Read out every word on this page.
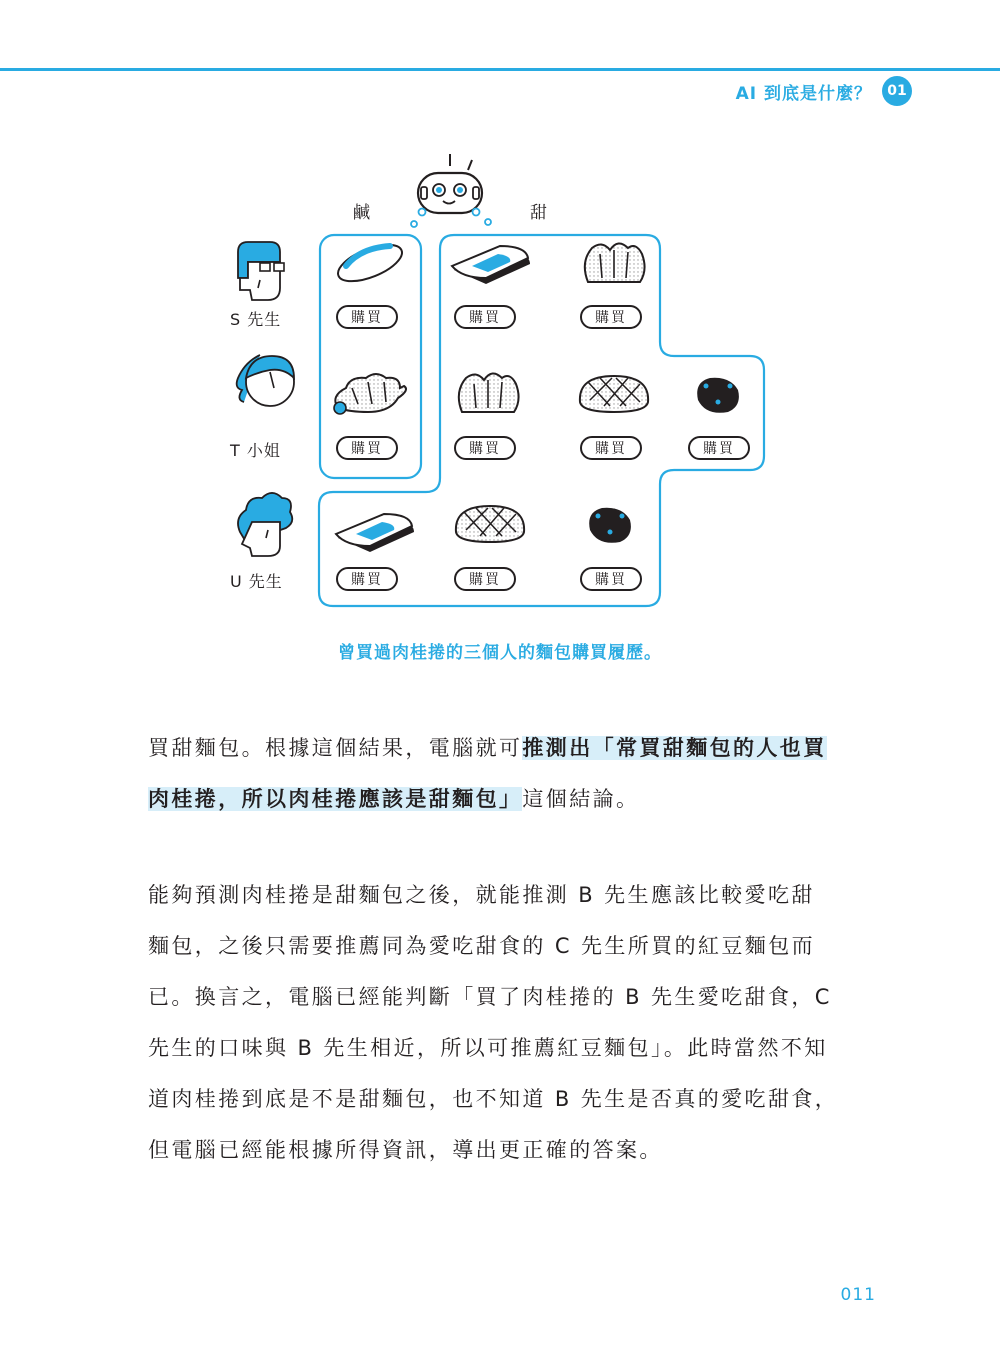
AI 到底是什麼？	01
鹹	甜
S 先生
T 小姐
U 先生
購買	購買	購買
購買	購買	購買	購買
購買	購買	購買
曾買過肉桂捲的三個人的麵包購買履歷。
買甜麵包。根據這個結果，電腦就可推測出「常買甜麵包的人也買
肉桂捲，所以肉桂捲應該是甜麵包」這個結論。
能夠預測肉桂捲是甜麵包之後，就能推測 B 先生應該比較愛吃甜
麵包，之後只需要推薦同為愛吃甜食的 C 先生所買的紅豆麵包而
已。換言之，電腦已經能判斷「買了肉桂捲的 B 先生愛吃甜食，C
先生的口味與 B 先生相近，所以可推薦紅豆麵包」。此時當然不知
道肉桂捲到底是不是甜麵包，也不知道 B 先生是否真的愛吃甜食，
但電腦已經能根據所得資訊，導出更正確的答案。
011
